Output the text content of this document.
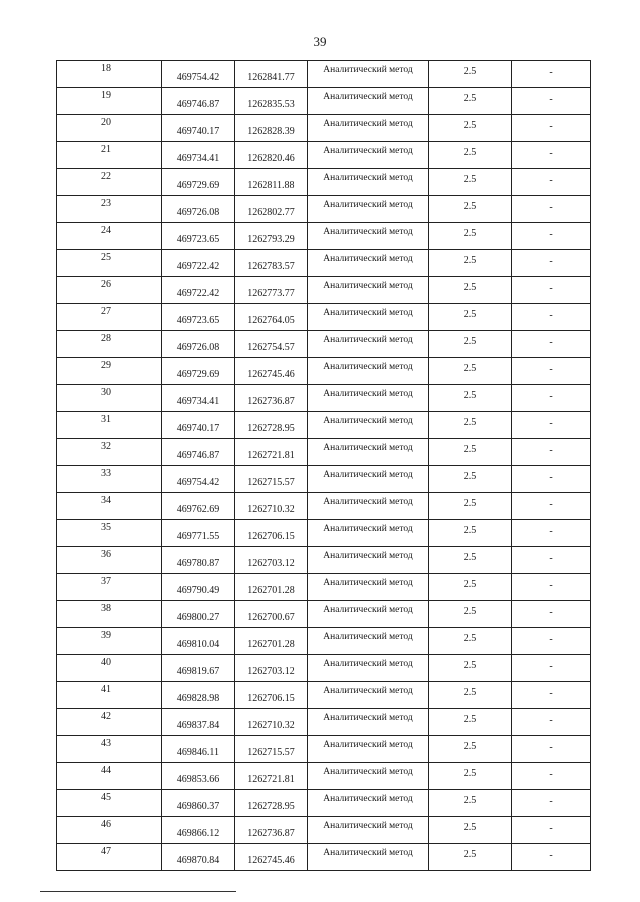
39
18	469754.42	1262841.77	Аналитический метод	2.5	-

19	469746.87	1262835.53	Аналитический метод	2.5	-

20	469740.17	1262828.39	Аналитический метод	2.5	-

21	469734.41	1262820.46	Аналитический метод	2.5	-

22	469729.69	1262811.88	Аналитический метод	2.5	-

23	469726.08	1262802.77	Аналитический метод	2.5	-

24	469723.65	1262793.29	Аналитический метод	2.5	-

25	469722.42	1262783.57	Аналитический метод	2.5	-

26	469722.42	1262773.77	Аналитический метод	2.5	-

27	469723.65	1262764.05	Аналитический метод	2.5	-

28	469726.08	1262754.57	Аналитический метод	2.5	-

29	469729.69	1262745.46	Аналитический метод	2.5	-

30	469734.41	1262736.87	Аналитический метод	2.5	-

31	469740.17	1262728.95	Аналитический метод	2.5	-

32	469746.87	1262721.81	Аналитический метод	2.5	-

33	469754.42	1262715.57	Аналитический метод	2.5	-

34	469762.69	1262710.32	Аналитический метод	2.5	-

35	469771.55	1262706.15	Аналитический метод	2.5	-

36	469780.87	1262703.12	Аналитический метод	2.5	-

37	469790.49	1262701.28	Аналитический метод	2.5	-

38	469800.27	1262700.67	Аналитический метод	2.5	-

39	469810.04	1262701.28	Аналитический метод	2.5	-

40	469819.67	1262703.12	Аналитический метод	2.5	-

41	469828.98	1262706.15	Аналитический метод	2.5	-

42	469837.84	1262710.32	Аналитический метод	2.5	-

43	469846.11	1262715.57	Аналитический метод	2.5	-

44	469853.66	1262721.81	Аналитический метод	2.5	-

45	469860.37	1262728.95	Аналитический метод	2.5	-

46	469866.12	1262736.87	Аналитический метод	2.5	-

47	469870.84	1262745.46	Аналитический метод	2.5	-
